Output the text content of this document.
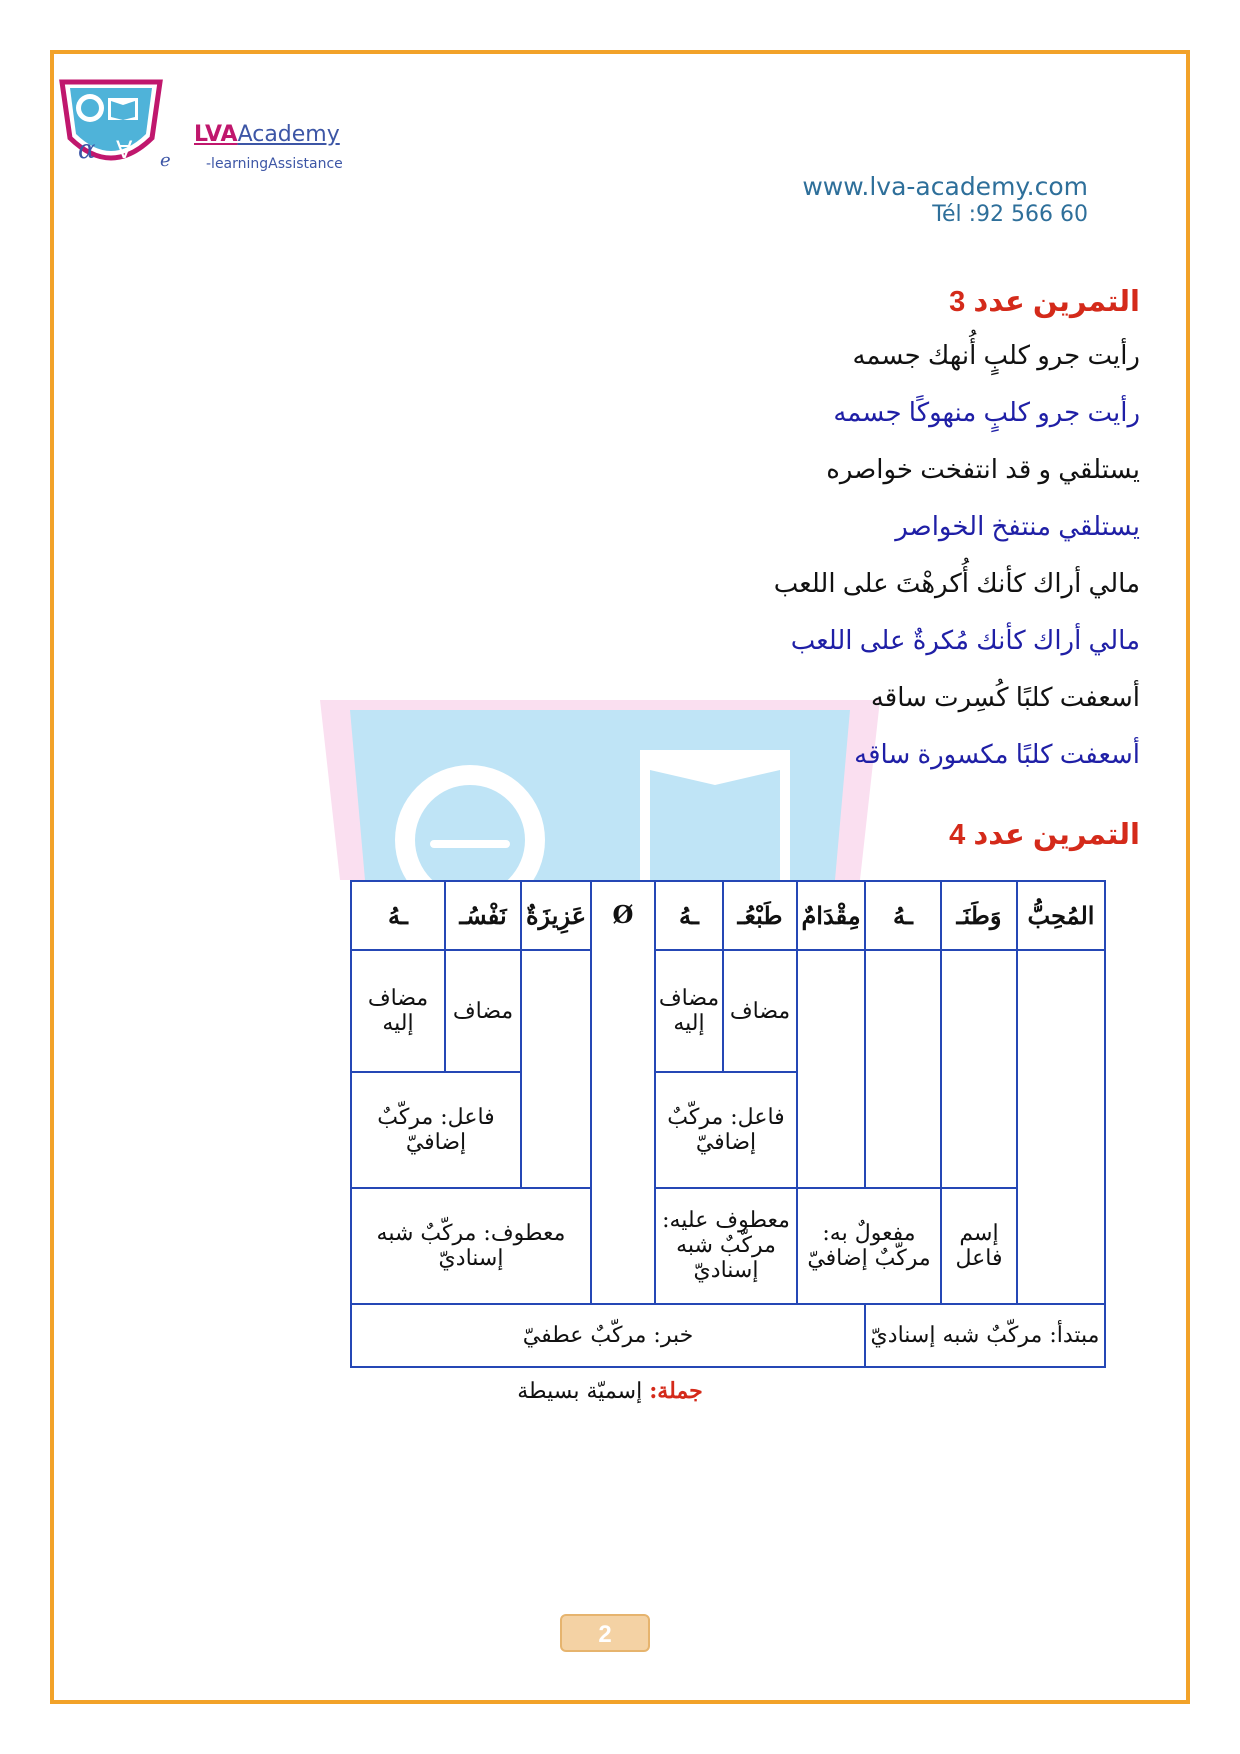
α ∀
LVAAcademy
e	-learningAssistance
www.lva-academy.com
Tél :92 566 60
التمرين عدد 3
رأيت جرو كلبٍ أُنهك جسمه
رأيت جرو كلبٍ منهوكًا جسمه
يستلقي و قد انتفخت خواصره
يستلقي منتفخ الخواصر
مالي أراك كأنك أُكرهْتَ على اللعب
مالي أراك كأنك مُكرةٌ على اللعب
أسعفت كلبًا كُسِرت ساقه
أسعفت كلبًا مكسورة ساقه
التمرين عدد 4
المُحِبُّ	وَطَنَـ	ـهُ	مِقْدَامٌ	طَبْعُـ	ـهُ	Ø	عَزِيزَةٌ	نَفْسُـ	ـهُ
				مضاف	مضاف إليه			مضاف	مضاف إليه
				فاعل: مركّبٌ إضافيّ				فاعل: مركّبٌ إضافيّ	
	إسم فاعل	مفعولٌ به: مركّبٌ إضافيّ		معطوف عليه: مركّبٌ شبه إسناديّ			معطوف: مركّبٌ شبه إسناديّ		
مبتدأ: مركّبٌ شبه إسناديّ			خبر: مركّبٌ عطفيّ						
جملة: إسميّة بسيطة
2
